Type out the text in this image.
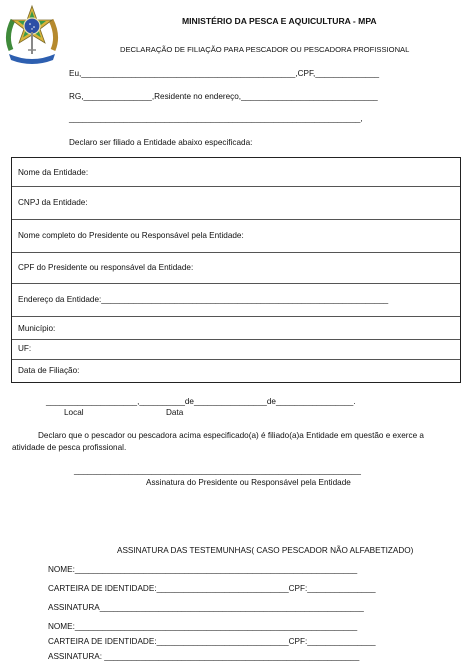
MINISTÉRIO DA PESCA E AQUICULTURA - MPA
DECLARAÇÃO DE FILIAÇÃO PARA PESCADOR OU PESCADORA PROFISSIONAL
Eu,_______________________________________________,CPF,______________
RG,_______________,Residente no endereço,______________________________
________________________________________________________________,
Declaro ser filiado a Entidade abaixo especificada:
Nome da Entidade:
CNPJ da Entidade:
Nome completo do Presidente ou Responsável pela Entidade:
CPF do Presidente ou responsável da Entidade:
Endereço da Entidade:_______________________________________________________________
Município:
UF:
Data de Filiação:
____________________,__________de________________de_________________.
Local	Data
Declaro que o pescador ou pescadora acima especificado(a) é filiado(a)a Entidade em questão e exerce a atividade de pesca profissional.
_______________________________________________________________
Assinatura do Presidente ou Responsável pela Entidade
ASSINATURA DAS TESTEMUNHAS( CASO PESCADOR NÃO ALFABETIZADO)
NOME:______________________________________________________________
CARTEIRA DE IDENTIDADE:_____________________________CPF:_______________
ASSINATURA__________________________________________________________
NOME:______________________________________________________________
CARTEIRA DE IDENTIDADE:_____________________________CPF:_______________
ASSINATURA: ________________________________________________________
